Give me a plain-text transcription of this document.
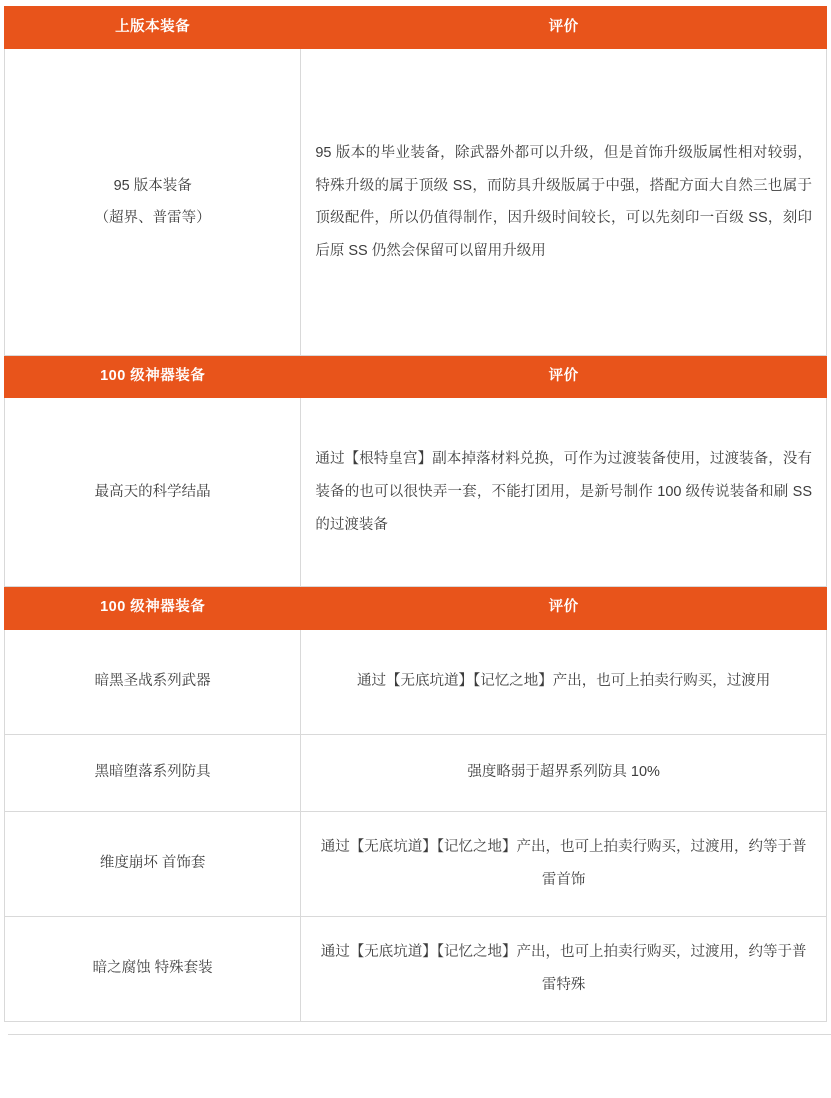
上版本装备	评价
95 版本装备
（超界、普雷等）	95 版本的毕业装备，除武器外都可以升级，但是首饰升级版属性相对较弱，特殊升级的属于顶级 SS，而防具升级版属于中强，搭配方面大自然三也属于顶级配件，所以仍值得制作，因升级时间较长，可以先刻印一百级 SS，刻印后原 SS 仍然会保留可以留用升级用
100 级神器装备	评价
最高天的科学结晶	通过【根特皇宫】副本掉落材料兑换，可作为过渡装备使用，过渡装备，没有装备的也可以很快弄一套，不能打团用，是新号制作 100 级传说装备和刷 SS 的过渡装备
100 级神器装备	评价
暗黑圣战系列武器	通过【无底坑道】【记忆之地】产出，也可上拍卖行购买，过渡用
黑暗堕落系列防具	强度略弱于超界系列防具 10%
维度崩坏 首饰套	通过【无底坑道】【记忆之地】产出，也可上拍卖行购买，过渡用，约等于普雷首饰
暗之腐蚀 特殊套装	通过【无底坑道】【记忆之地】产出，也可上拍卖行购买，过渡用，约等于普雷特殊
